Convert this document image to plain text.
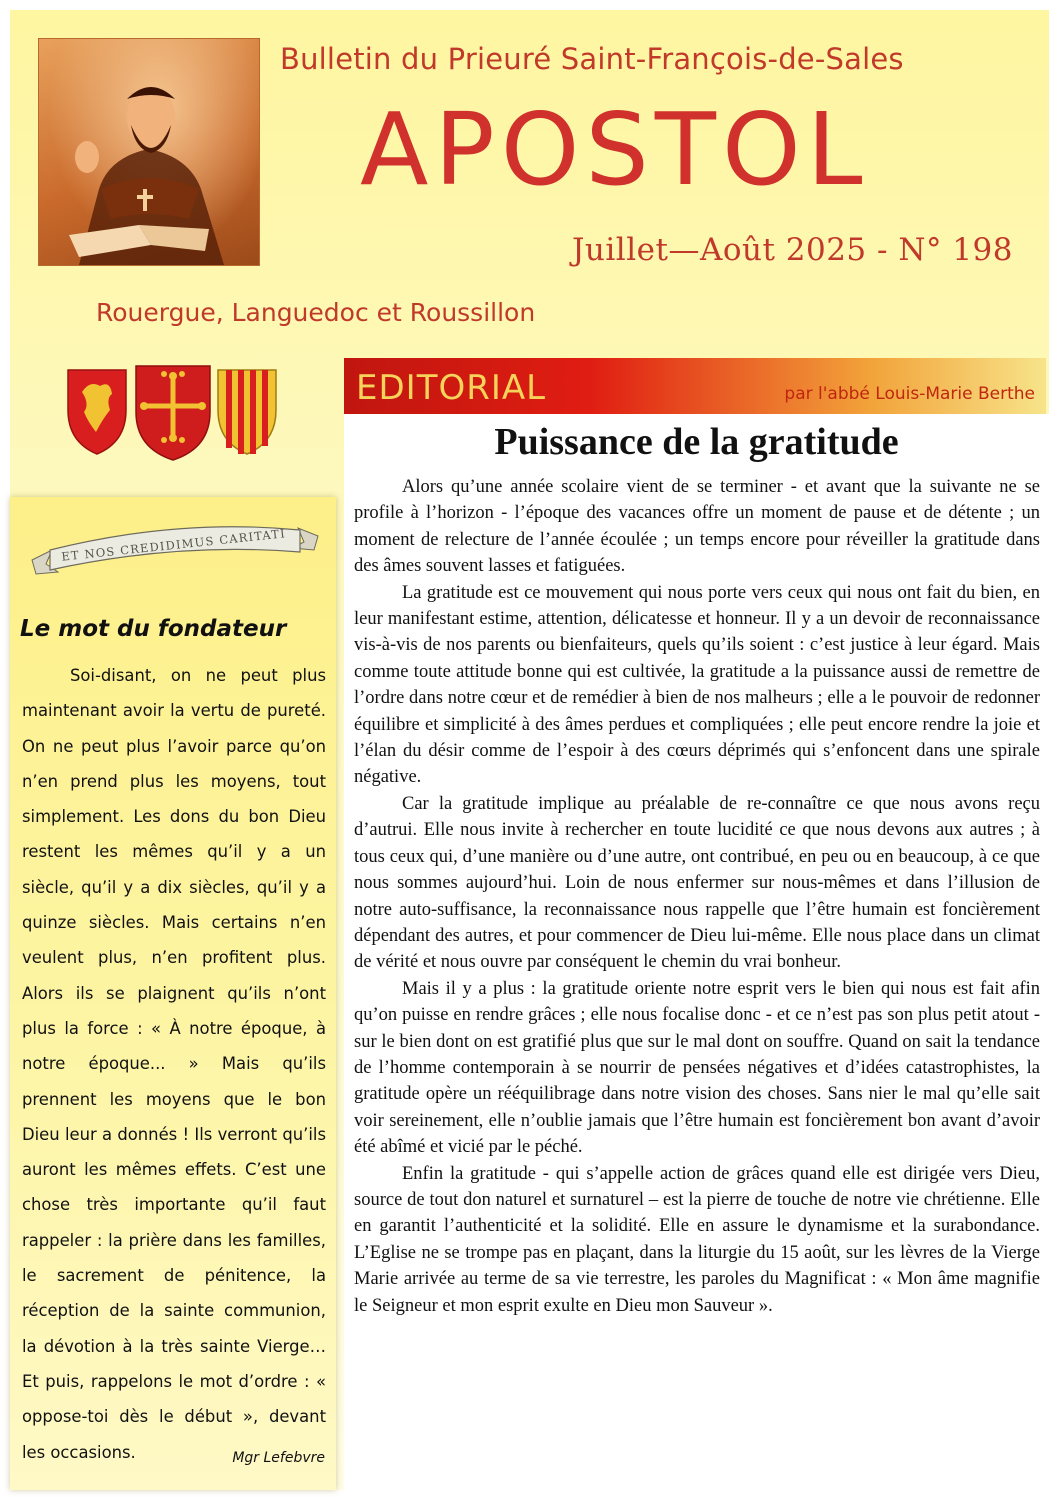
Bulletin du Prieuré Saint-François-de-Sales
APOSTOL
Juillet—Août 2025 - N° 198
Rouergue, Languedoc et Roussillon
EDITORIAL	par l'abbé Louis-Marie Berthe
Puissance de la gratitude

Alors qu’une année scolaire vient de se terminer - et avant que la suivante ne se profile à l’horizon - l’époque des vacances offre un moment de pause et de détente ; un moment de relecture de l’année écoulée ; un temps encore pour réveiller la gratitude dans des âmes souvent lasses et fatiguées.

La gratitude est ce mouvement qui nous porte vers ceux qui nous ont fait du bien, en leur manifestant estime, attention, délicatesse et honneur. Il y a un devoir de reconnaissance vis-à-vis de nos parents ou bienfaiteurs, quels qu’ils soient : c’est justice à leur égard. Mais comme toute attitude bonne qui est cultivée, la gratitude a la puissance aussi de remettre de l’ordre dans notre cœur et de remédier à bien de nos malheurs ; elle a le pouvoir de redonner équilibre et simplicité à des âmes perdues et compliquées ; elle peut encore rendre la joie et l’élan du désir comme de l’espoir à des cœurs déprimés qui s’enfoncent dans une spirale négative.

Car la gratitude implique au préalable de re-connaître ce que nous avons reçu d’autrui. Elle nous invite à rechercher en toute lucidité ce que nous devons aux autres ; à tous ceux qui, d’une manière ou d’une autre, ont contribué, en peu ou en beaucoup, à ce que nous sommes aujourd’hui. Loin de nous enfermer sur nous-mêmes et dans l’illusion de notre auto-suffisance, la reconnaissance nous rappelle que l’être humain est foncièrement dépendant des autres, et pour commencer de Dieu lui-même. Elle nous place dans un climat de vérité et nous ouvre par conséquent le chemin du vrai bonheur.

Mais il y a plus : la gratitude oriente notre esprit vers le bien qui nous est fait afin qu’on puisse en rendre grâces ; elle nous focalise donc - et ce n’est pas son plus petit atout - sur le bien dont on est gratifié plus que sur le mal dont on souffre. Quand on sait la tendance de l’homme contemporain à se nourrir de pensées négatives et d’idées catastrophistes, la gratitude opère un rééquilibrage dans notre vision des choses. Sans nier le mal qu’elle sait voir sereinement, elle n’oublie jamais que l’être humain est foncièrement bon avant d’avoir été abîmé et vicié par le péché.

Enfin la gratitude - qui s’appelle action de grâces quand elle est dirigée vers Dieu, source de tout don naturel et surnaturel – est la pierre de touche de notre vie chrétienne. Elle en garantit l’authenticité et la solidité. Elle en assure le dynamisme et la surabondance. L’Eglise ne se trompe pas en plaçant, dans la liturgie du 15 août, sur les lèvres de la Vierge Marie arrivée au terme de sa vie terrestre, les paroles du Magnificat : « Mon âme magnifie le Seigneur et mon esprit exulte en Dieu mon Sauveur ».

ET NOS CREDIDIMUS CARITATI
Le mot du fondateur

Soi-disant, on ne peut plus maintenant avoir la vertu de pureté. On ne peut plus l’avoir parce qu’on n’en prend plus les moyens, tout simplement. Les dons du bon Dieu restent les mêmes qu’il y a un siècle, qu’il y a dix siècles, qu’il y a quinze siècles. Mais certains n’en veulent plus, n’en profitent plus. Alors ils se plaignent qu’ils n’ont plus la force : « À notre époque, à notre époque... » Mais qu’ils prennent les moyens que le bon Dieu leur a donnés ! Ils verront qu’ils auront les mêmes effets. C’est une chose très importante qu’il faut rappeler : la prière dans les familles, le sacrement de pénitence, la réception de la sainte communion, la dévotion à la très sainte Vierge… Et puis, rappelons le mot d’ordre : « oppose-toi dès le début », devant les occasions.	Mgr Lefebvre
